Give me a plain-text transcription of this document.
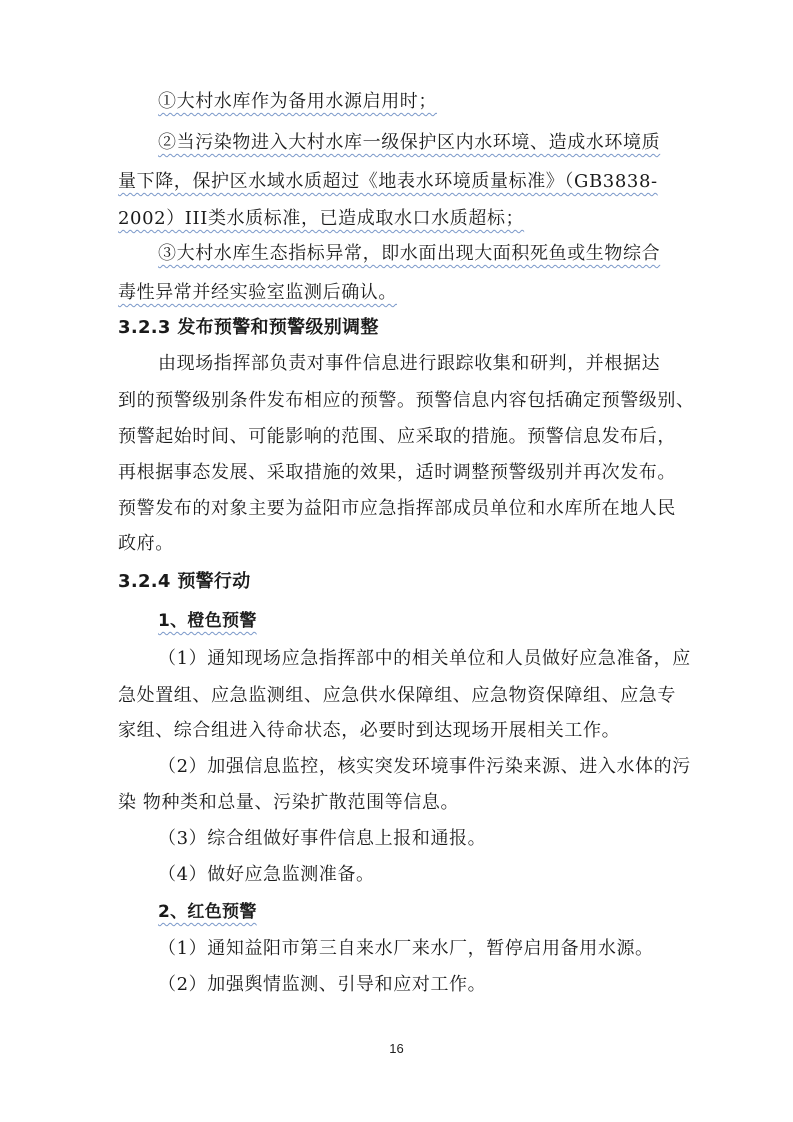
①大村水库作为备用水源启用时；
②当污染物进入大村水库一级保护区内水环境、造成水环境质
量下降，保护区水域水质超过《地表水环境质量标准》（GB3838-
2002）III类水质标准，已造成取水口水质超标；
③大村水库生态指标异常，即水面出现大面积死鱼或生物综合
毒性异常并经实验室监测后确认。
3.2.3 发布预警和预警级别调整
由现场指挥部负责对事件信息进行跟踪收集和研判，并根据达
到的预警级别条件发布相应的预警。预警信息内容包括确定预警级别、
预警起始时间、可能影响的范围、应采取的措施。预警信息发布后，
再根据事态发展、采取措施的效果，适时调整预警级别并再次发布。
预警发布的对象主要为益阳市应急指挥部成员单位和水库所在地人民
政府。
3.2.4 预警行动
1、橙色预警
（1）通知现场应急指挥部中的相关单位和人员做好应急准备，应
急处置组、应急监测组、应急供水保障组、应急物资保障组、应急专
家组、综合组进入待命状态，必要时到达现场开展相关工作。
（2）加强信息监控，核实突发环境事件污染来源、进入水体的污
染 物种类和总量、污染扩散范围等信息。
（3）综合组做好事件信息上报和通报。
（4）做好应急监测准备。
2、红色预警
（1）通知益阳市第三自来水厂来水厂，暂停启用备用水源。
（2）加强舆情监测、引导和应对工作。
16
